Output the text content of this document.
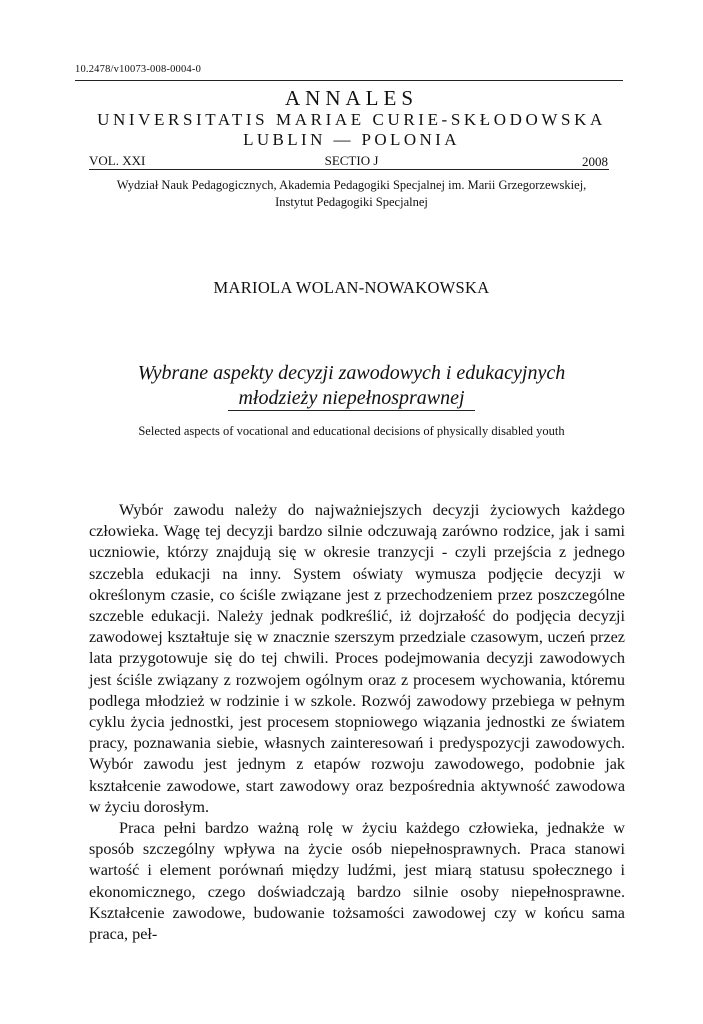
10.2478/v10073-008-0004-0
ANNALES
UNIVERSITATIS MARIAE CURIE-SKŁODOWSKA
LUBLIN — POLONIA
VOL. XXI	SECTIO J	2008
Wydział Nauk Pedagogicznych, Akademia Pedagogiki Specjalnej im. Marii Grzegorzewskiej,
Instytut Pedagogiki Specjalnej
MARIOLA WOLAN-NOWAKOWSKA
Wybrane aspekty decyzji zawodowych i edukacyjnych
młodzieży niepełnosprawnej
Selected aspects of vocational and educational decisions of physically disabled youth

Wybór zawodu należy do najważniejszych decyzji życiowych każdego człowieka. Wagę tej decyzji bardzo silnie odczuwają zarówno rodzice, jak i sami uczniowie, którzy znajdują się w okresie tranzycji - czyli przejścia z jednego szczebla edukacji na inny. System oświaty wymusza podjęcie decyzji w określonym czasie, co ściśle związane jest z przechodzeniem przez poszczególne szczeble edukacji. Należy jednak podkreślić, iż dojrzałość do podjęcia decyzji zawodowej kształtuje się w znacznie szerszym przedziale czasowym, uczeń przez lata przygotowuje się do tej chwili. Proces podejmowania decyzji zawodowych jest ściśle związany z rozwojem ogólnym oraz z procesem wychowania, któremu podlega młodzież w rodzinie i w szkole. Rozwój zawodowy przebiega w pełnym cyklu życia jednostki, jest procesem stopniowego wiązania jednostki ze światem pracy, poznawania siebie, własnych zainteresowań i predyspozycji zawodowych. Wybór zawodu jest jednym z etapów rozwoju zawodowego, podobnie jak kształcenie zawodowe, start zawodowy oraz bezpośrednia aktywność zawodowa w życiu dorosłym.

Praca pełni bardzo ważną rolę w życiu każdego człowieka, jednakże w sposób szczególny wpływa na życie osób niepełnosprawnych. Praca stanowi wartość i element porównań między ludźmi, jest miarą statusu społecznego i ekonomicznego, czego doświadczają bardzo silnie osoby niepełnosprawne. Kształcenie zawodowe, budowanie tożsamości zawodowej czy w końcu sama praca, peł-
